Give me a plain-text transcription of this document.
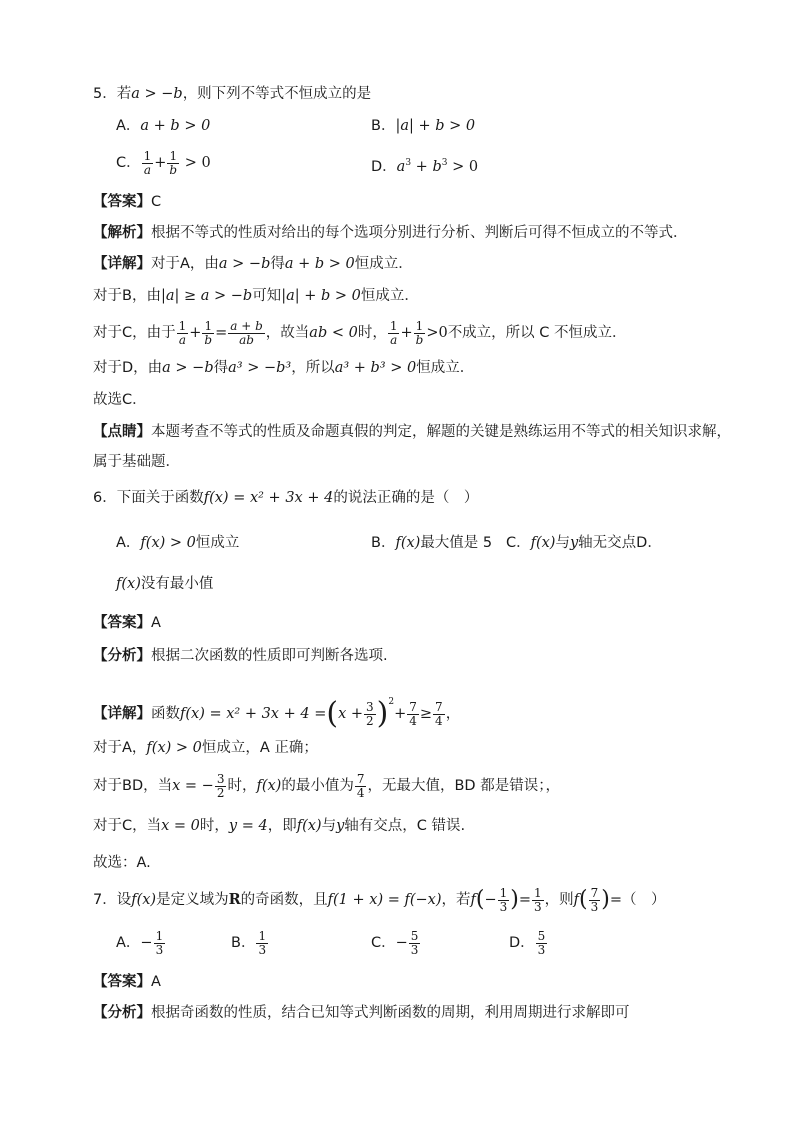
5．若a > −b，则下列不等式不恒成立的是
A．a + b > 0	B．|a| + b > 0
C． $\frac{1}{a} + \frac{1}{b} > 0$	D．$a^3 + b^3 > 0$
【答案】C
【解析】根据不等式的性质对给出的每个选项分别进行分析、判断后可得不恒成立的不等式．
【详解】对于A，由a > −b得a + b > 0恒成立．
对于B，由|a| ≥ a > −b可知|a| + b > 0恒成立．
对于C，由于 $\frac{1}{a} + \frac{1}{b} = \frac{a + b}{ab}$ ，故当ab < 0时， $\frac{1}{a} + \frac{1}{b} >0$不成立，所以 C 不恒成立．
对于D，由a > −b得a³ > −b³，所以a³ + b³ > 0恒成立．
故选C．
【点睛】本题考查不等式的性质及命题真假的判定，解题的关键是熟练运用不等式的相关知识求解，
属于基础题．
6．下面关于函数f(x) = x² + 3x + 4的说法正确的是（　）
A．f(x) > 0恒成立	B．f(x)最大值是 5 C．f(x)与y轴无交点D．
f(x)没有最小值
【答案】A
【分析】根据二次函数的性质即可判断各选项.
【详解】函数$f(x) = x^2 + 3x + 4 =(x + \frac{3}{2} )^2+ \frac{7}{4} \ge \frac{7}{4}$ ，
对于A，f(x) > 0恒成立，A 正确；
对于BD，当x = − $\frac{3}{2}$ 时，f(x)的最小值为 $\frac{7}{4}$ ，无最大值，BD 都是错误；，
对于C，当x = 0时，y = 4，即f(x)与y轴有交点，C 错误.
故选：A.
7．设f(x)是定义域为R的奇函数，且f(1 + x) = f(−x)，若$f(- \frac{1}{3}$ )= $\frac{1}{3}$ ，则$f( \frac{7}{3}$ )=（　）
A．− $\frac{1}{3}$	B． $\frac{1}{3}$	C．− $\frac{5}{3}$	D． $\frac{5}{3}$
【答案】A
【分析】根据奇函数的性质，结合已知等式判断函数的周期，利用周期进行求解即可
